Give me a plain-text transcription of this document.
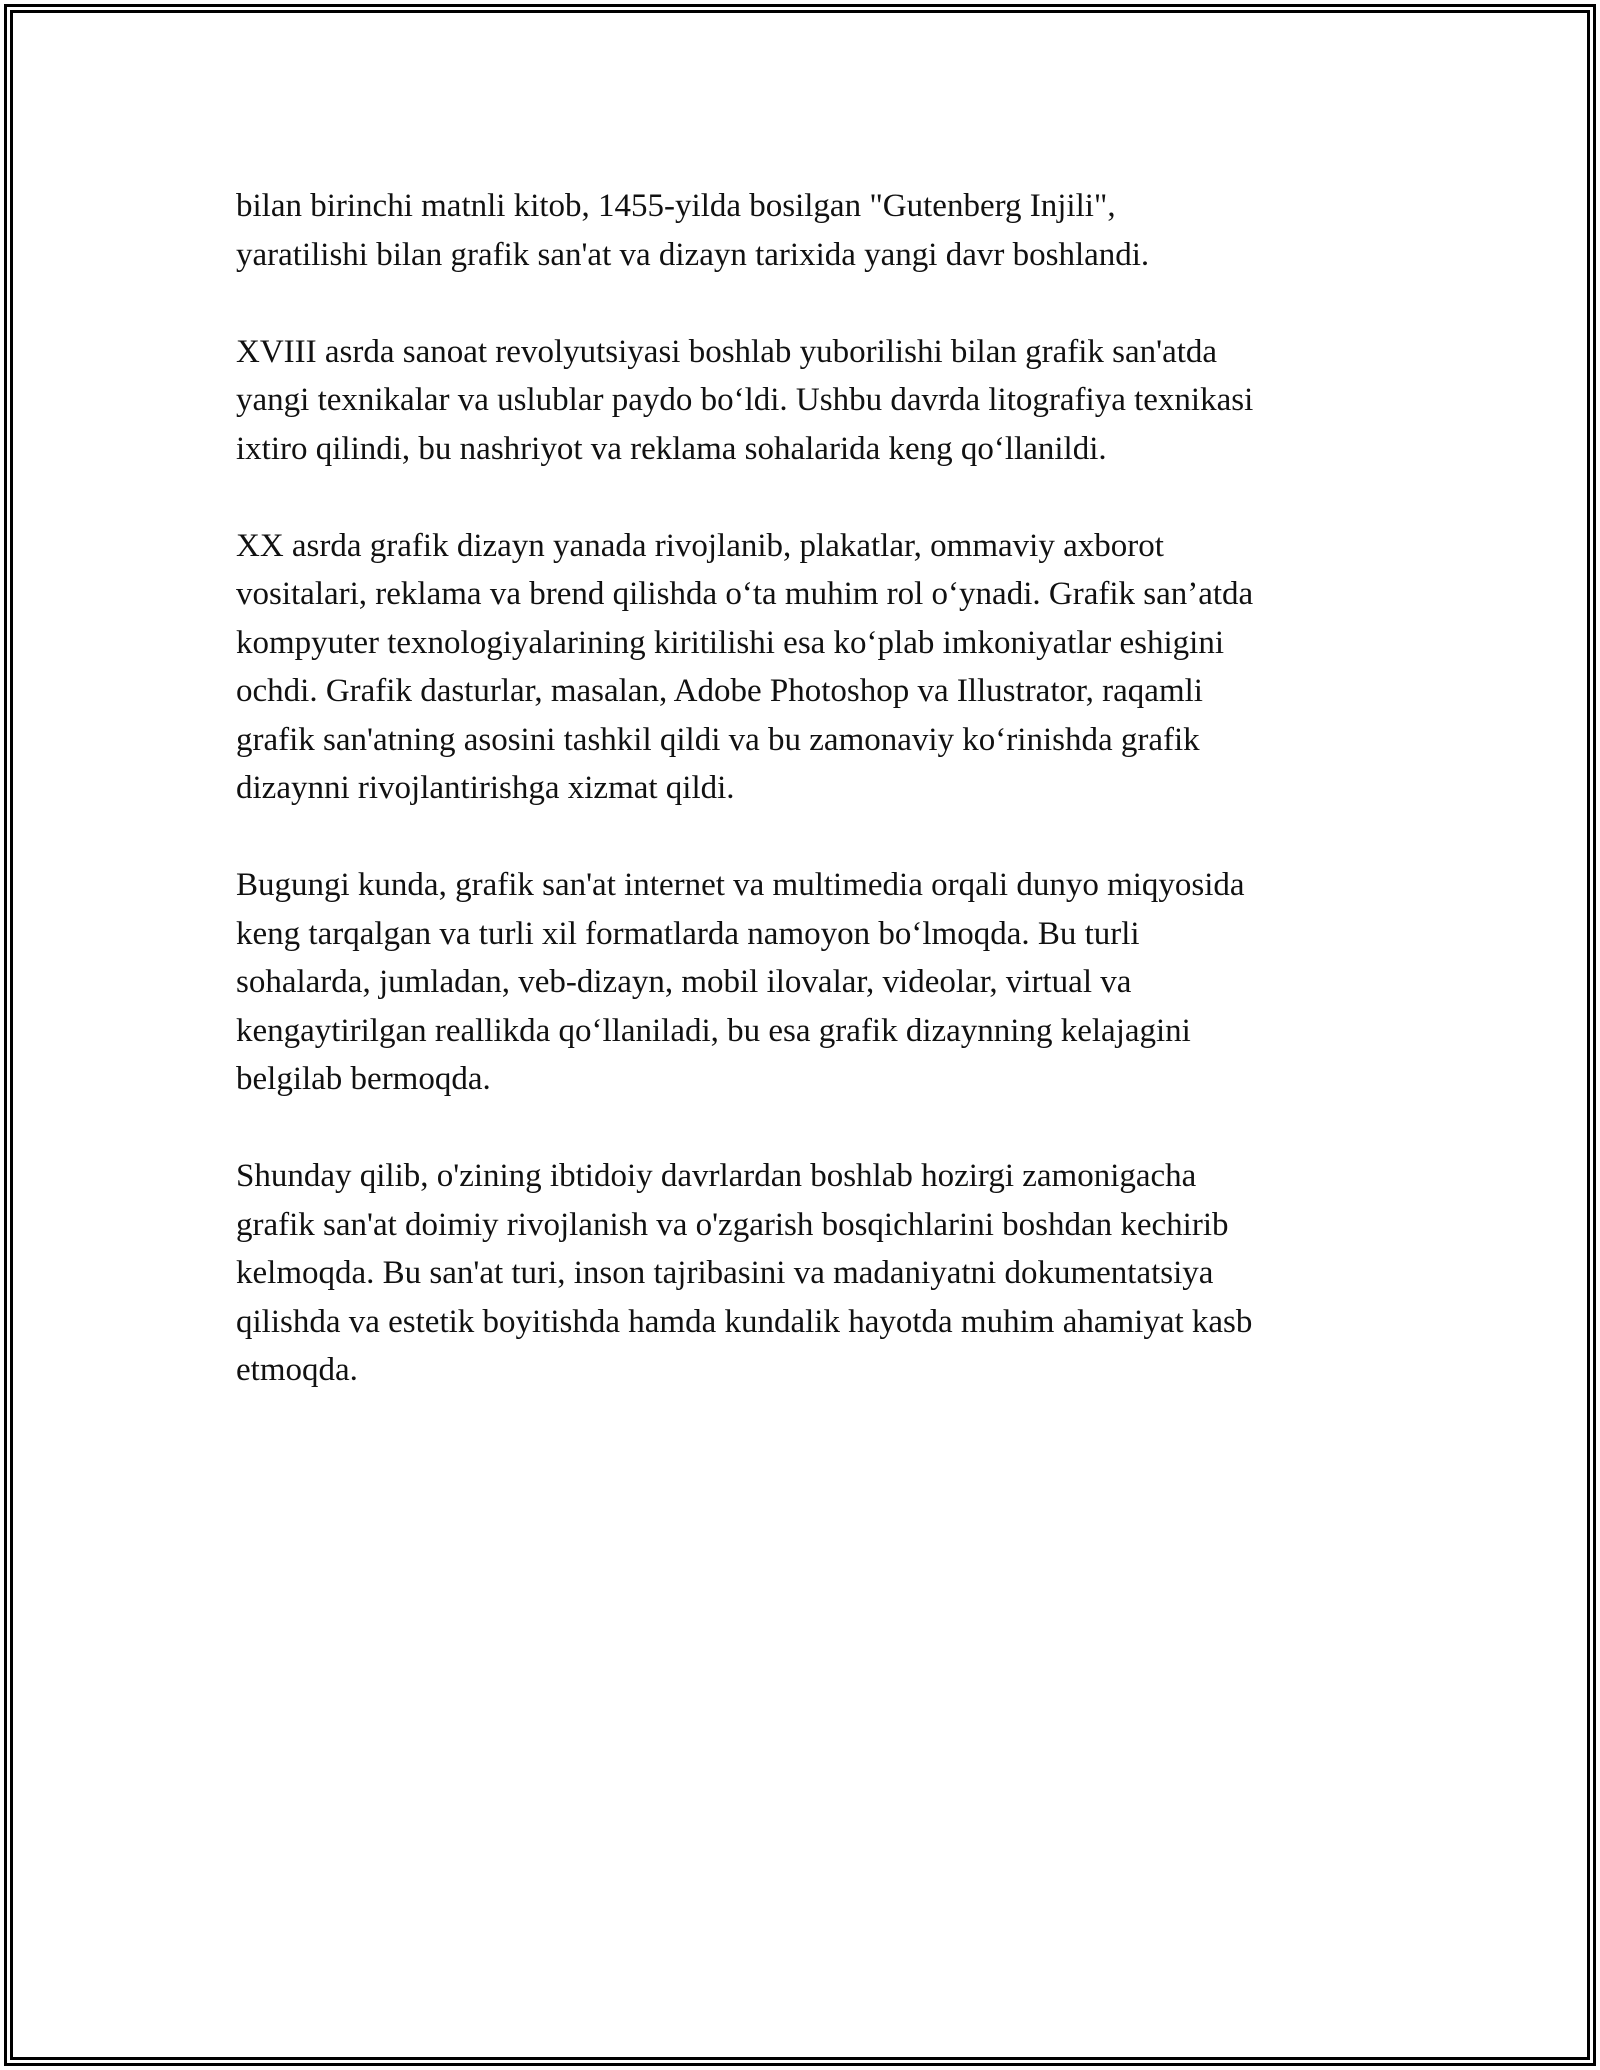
bilan birinchi matnli kitob, 1455-yilda bosilgan "Gutenberg Injili",
yaratilishi bilan grafik san'at va dizayn tarixida yangi davr boshlandi.

XVIII asrda sanoat revolyutsiyasi boshlab yuborilishi bilan grafik san'atda
yangi texnikalar va uslublar paydo boʻldi. Ushbu davrda litografiya texnikasi
ixtiro qilindi, bu nashriyot va reklama sohalarida keng qoʻllanildi.

XX asrda grafik dizayn yanada rivojlanib, plakatlar, ommaviy axborot
vositalari, reklama va brend qilishda oʻta muhim rol oʻynadi. Grafik san’atda
kompyuter texnologiyalarining kiritilishi esa koʻplab imkoniyatlar eshigini
ochdi. Grafik dasturlar, masalan, Adobe Photoshop va Illustrator, raqamli
grafik san'atning asosini tashkil qildi va bu zamonaviy koʻrinishda grafik
dizaynni rivojlantirishga xizmat qildi.

Bugungi kunda, grafik san'at internet va multimedia orqali dunyo miqyosida
keng tarqalgan va turli xil formatlarda namoyon boʻlmoqda. Bu turli
sohalarda, jumladan, veb-dizayn, mobil ilovalar, videolar, virtual va
kengaytirilgan reallikda qoʻllaniladi, bu esa grafik dizaynning kelajagini
belgilab bermoqda.

Shunday qilib, o'zining ibtidoiy davrlardan boshlab hozirgi zamonigacha
grafik san'at doimiy rivojlanish va o'zgarish bosqichlarini boshdan kechirib
kelmoqda. Bu san'at turi, inson tajribasini va madaniyatni dokumentatsiya
qilishda va estetik boyitishda hamda kundalik hayotda muhim ahamiyat kasb
etmoqda.
